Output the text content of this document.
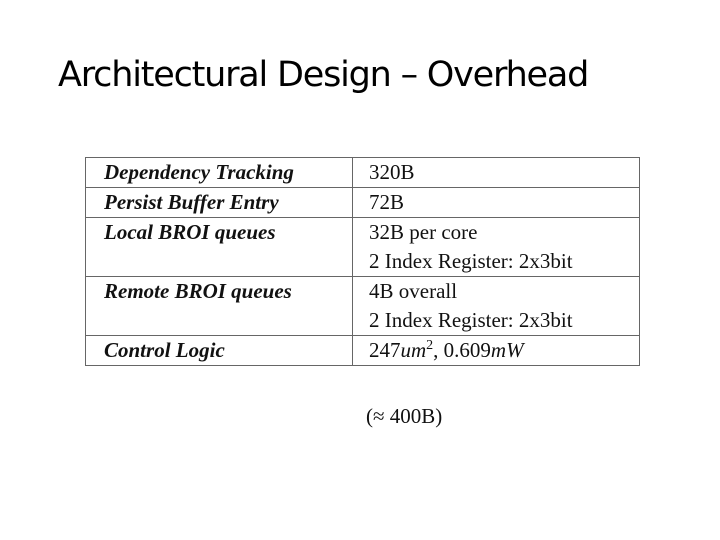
Architectural Design – Overhead
Dependency Tracking	320B

Persist Buffer Entry	72B

Local BROI queues	32B per core
2 Index Register: 2x3bit

Remote BROI queues	4B overall
2 Index Register: 2x3bit

Control Logic	$247um^2$, 0.609mW
(≈ 400B)
